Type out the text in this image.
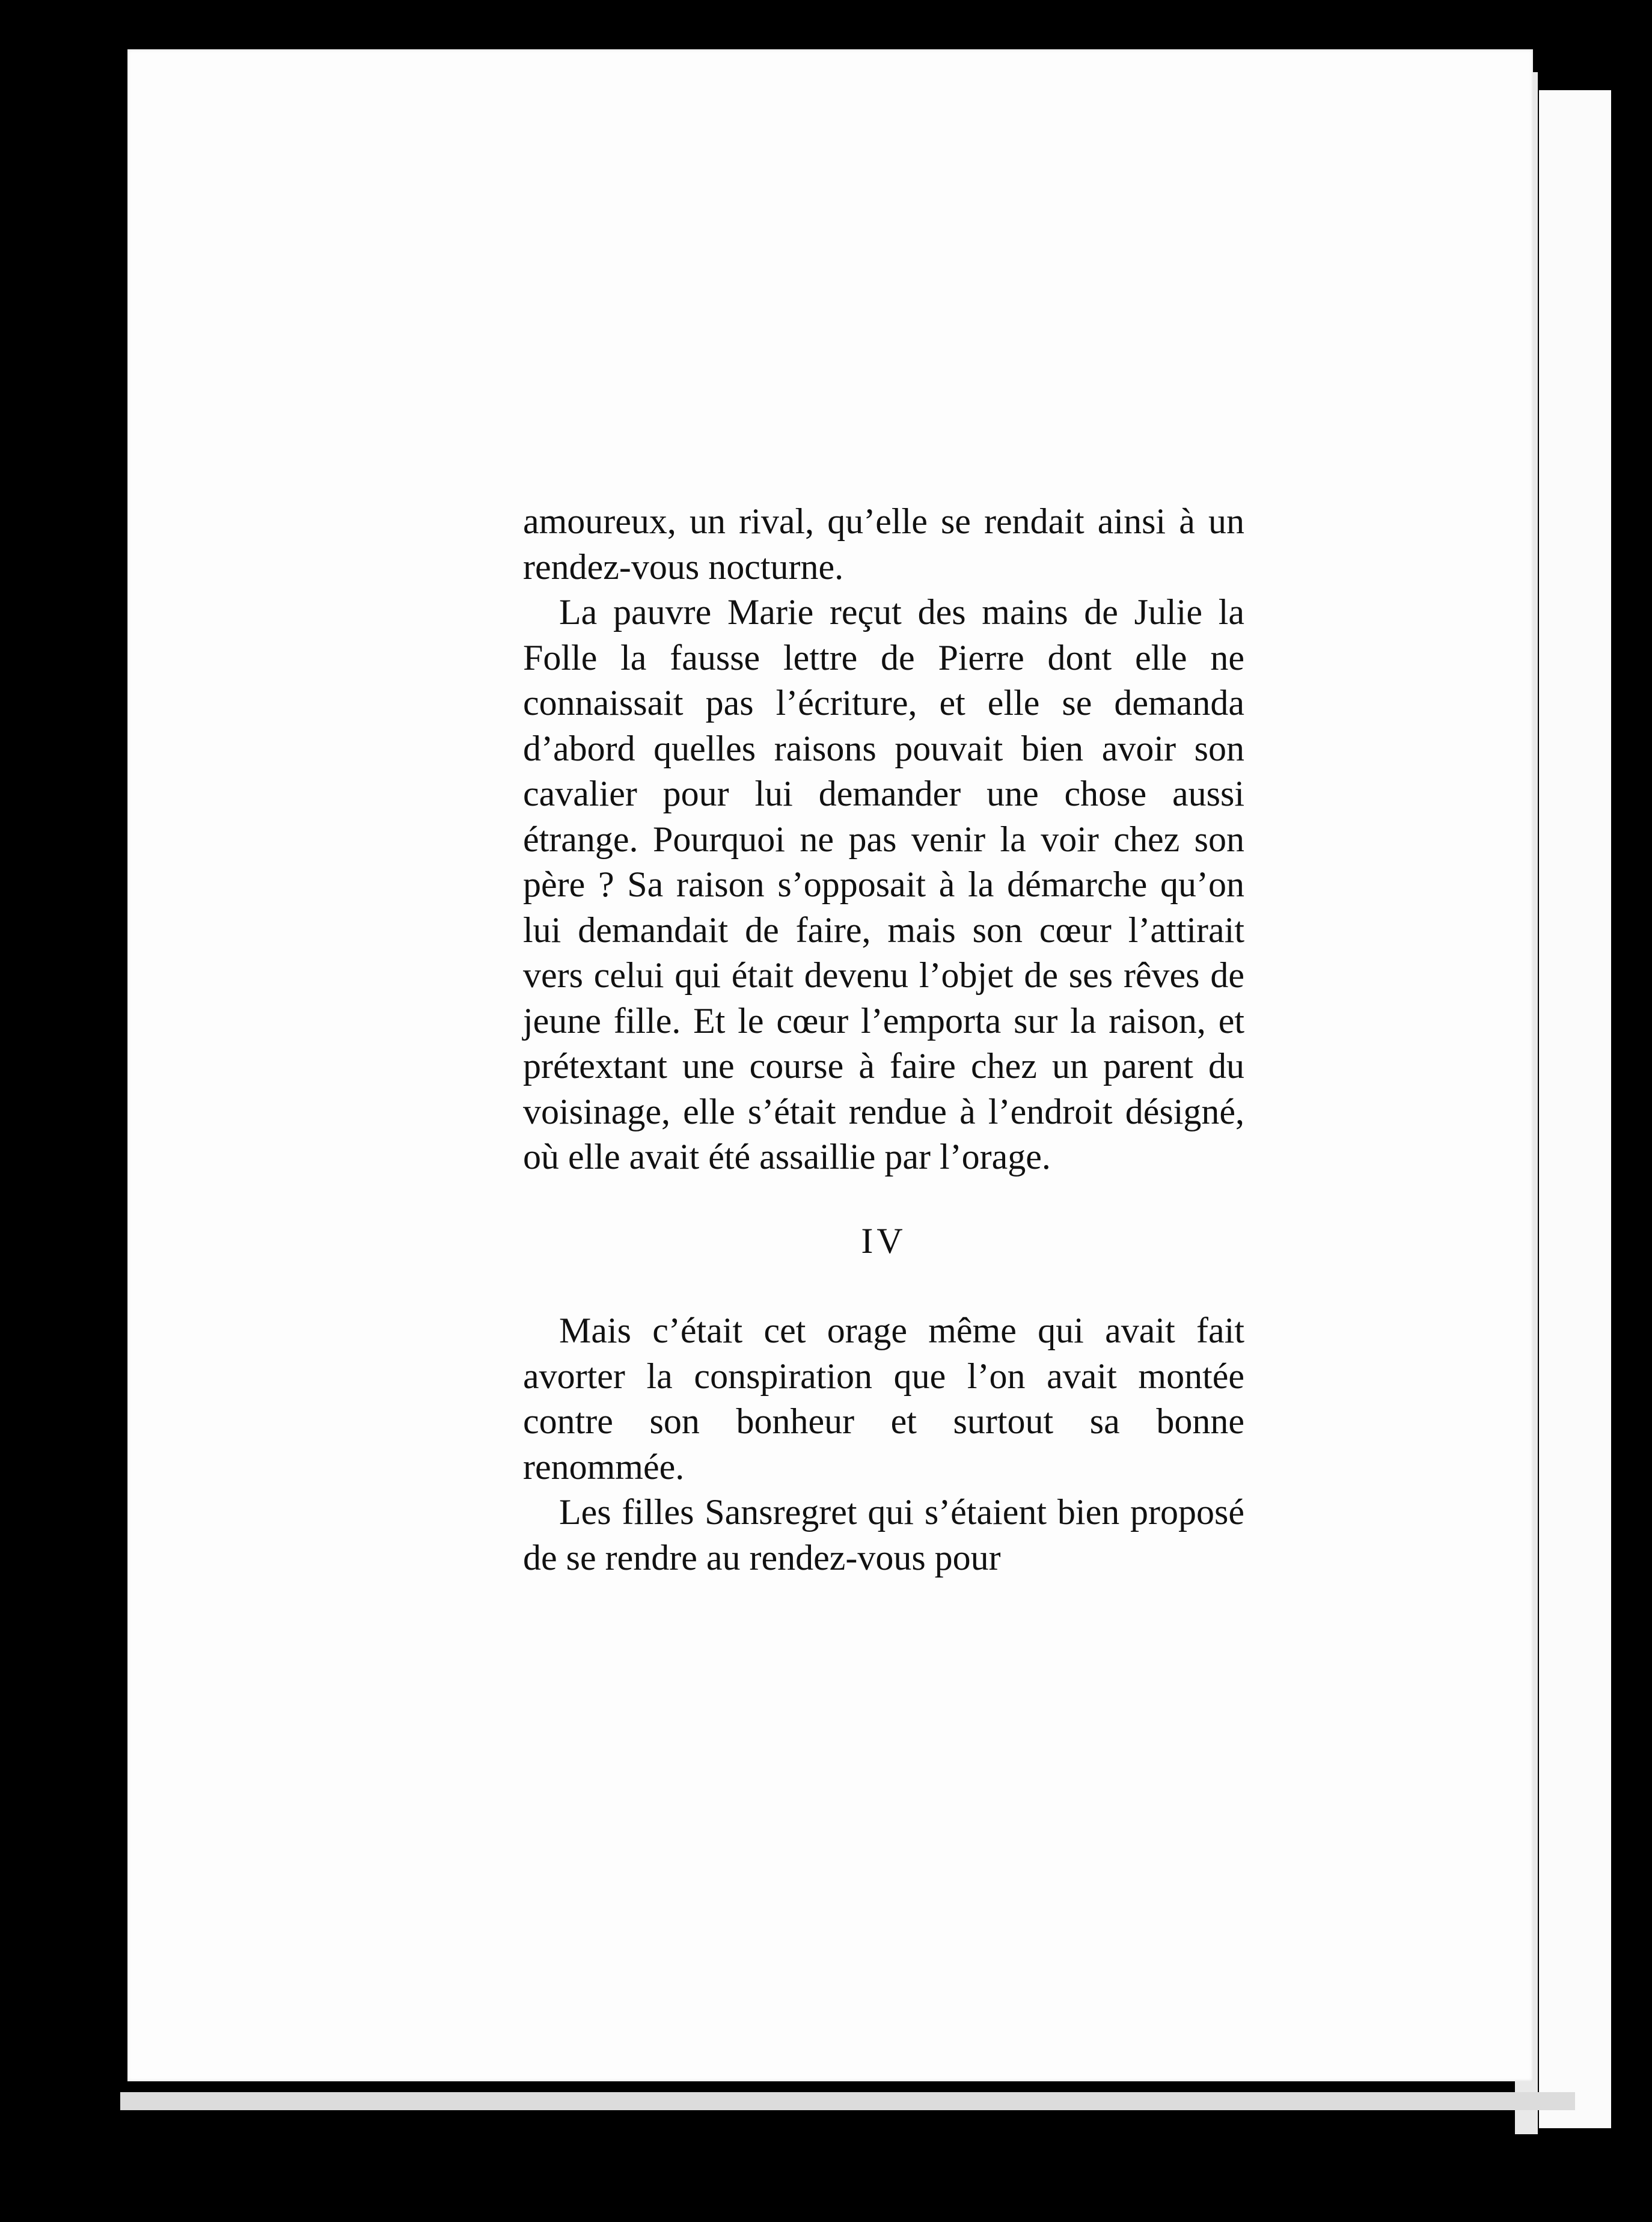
amoureux, un rival, qu’elle se rendait ainsi à un rendez-vous nocturne.

La pauvre Marie reçut des mains de Julie la Folle la fausse lettre de Pierre dont elle ne connaissait pas l’écriture, et elle se demanda d’abord quelles raisons pouvait bien avoir son cavalier pour lui demander une chose aussi étrange. Pourquoi ne pas venir la voir chez son père ? Sa raison s’opposait à la démarche qu’on lui demandait de faire, mais son cœur l’attirait vers celui qui était devenu l’objet de ses rêves de jeune fille. Et le cœur l’emporta sur la raison, et prétextant une course à faire chez un parent du voisinage, elle s’était rendue à l’endroit désigné, où elle avait été assaillie par l’orage.

IV

Mais c’était cet orage même qui avait fait avorter la conspiration que l’on avait montée contre son bonheur et surtout sa bonne renommée.

Les filles Sansregret qui s’étaient bien proposé de se rendre au rendez-vous pour
